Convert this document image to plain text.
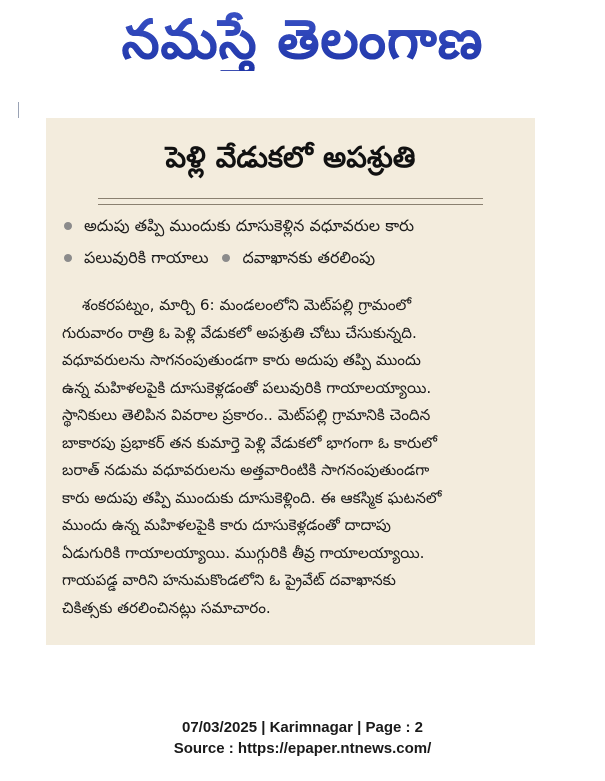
నమస్తే తెలంగాణ
పెళ్లి వేడుకలో అపశ్రుతి
అదుపు తప్పి ముందుకు దూసుకెళ్లిన వధూవరుల కారు
పలువురికి గాయాలు దవాఖానకు తరలింపు
శంకరపట్నం, మార్చి 6: మండలంలోని మెట్‌పల్లి గ్రామంలో
గురువారం రాత్రి ఓ పెళ్లి వేడుకలో అపశ్రుతి చోటు చేసుకున్నది.
వధూవరులను సాగనంపుతుండగా కారు అదుపు తప్పి ముందు
ఉన్న మహిళలపైకి దూసుకెళ్లడంతో పలువురికి గాయాలయ్యాయి.
స్థానికులు తెలిపిన వివరాల ప్రకారం.. మెట్‌పల్లి గ్రామానికి చెందిన
బాకారపు ప్రభాకర్ తన కుమార్తె పెళ్లి వేడుకలో భాగంగా ఓ కారులో
బరాత్ నడుమ వధూవరులను అత్తవారింటికి సాగనంపుతుండగా
కారు అదుపు తప్పి ముందుకు దూసుకెళ్లింది. ఈ ఆకస్మిక ఘటనలో
ముందు ఉన్న మహిళలపైకి కారు దూసుకెళ్లడంతో దాదాపు
ఏడుగురికి గాయాలయ్యాయి. ముగ్గురికి తీవ్ర గాయాలయ్యాయి.
గాయపడ్డ వారిని హనుమకొండలోని ఓ ప్రైవేట్ దవాఖానకు
చికిత్సకు తరలించినట్లు సమాచారం.
07/03/2025 | Karimnagar | Page : 2
Source : https://epaper.ntnews.com/
